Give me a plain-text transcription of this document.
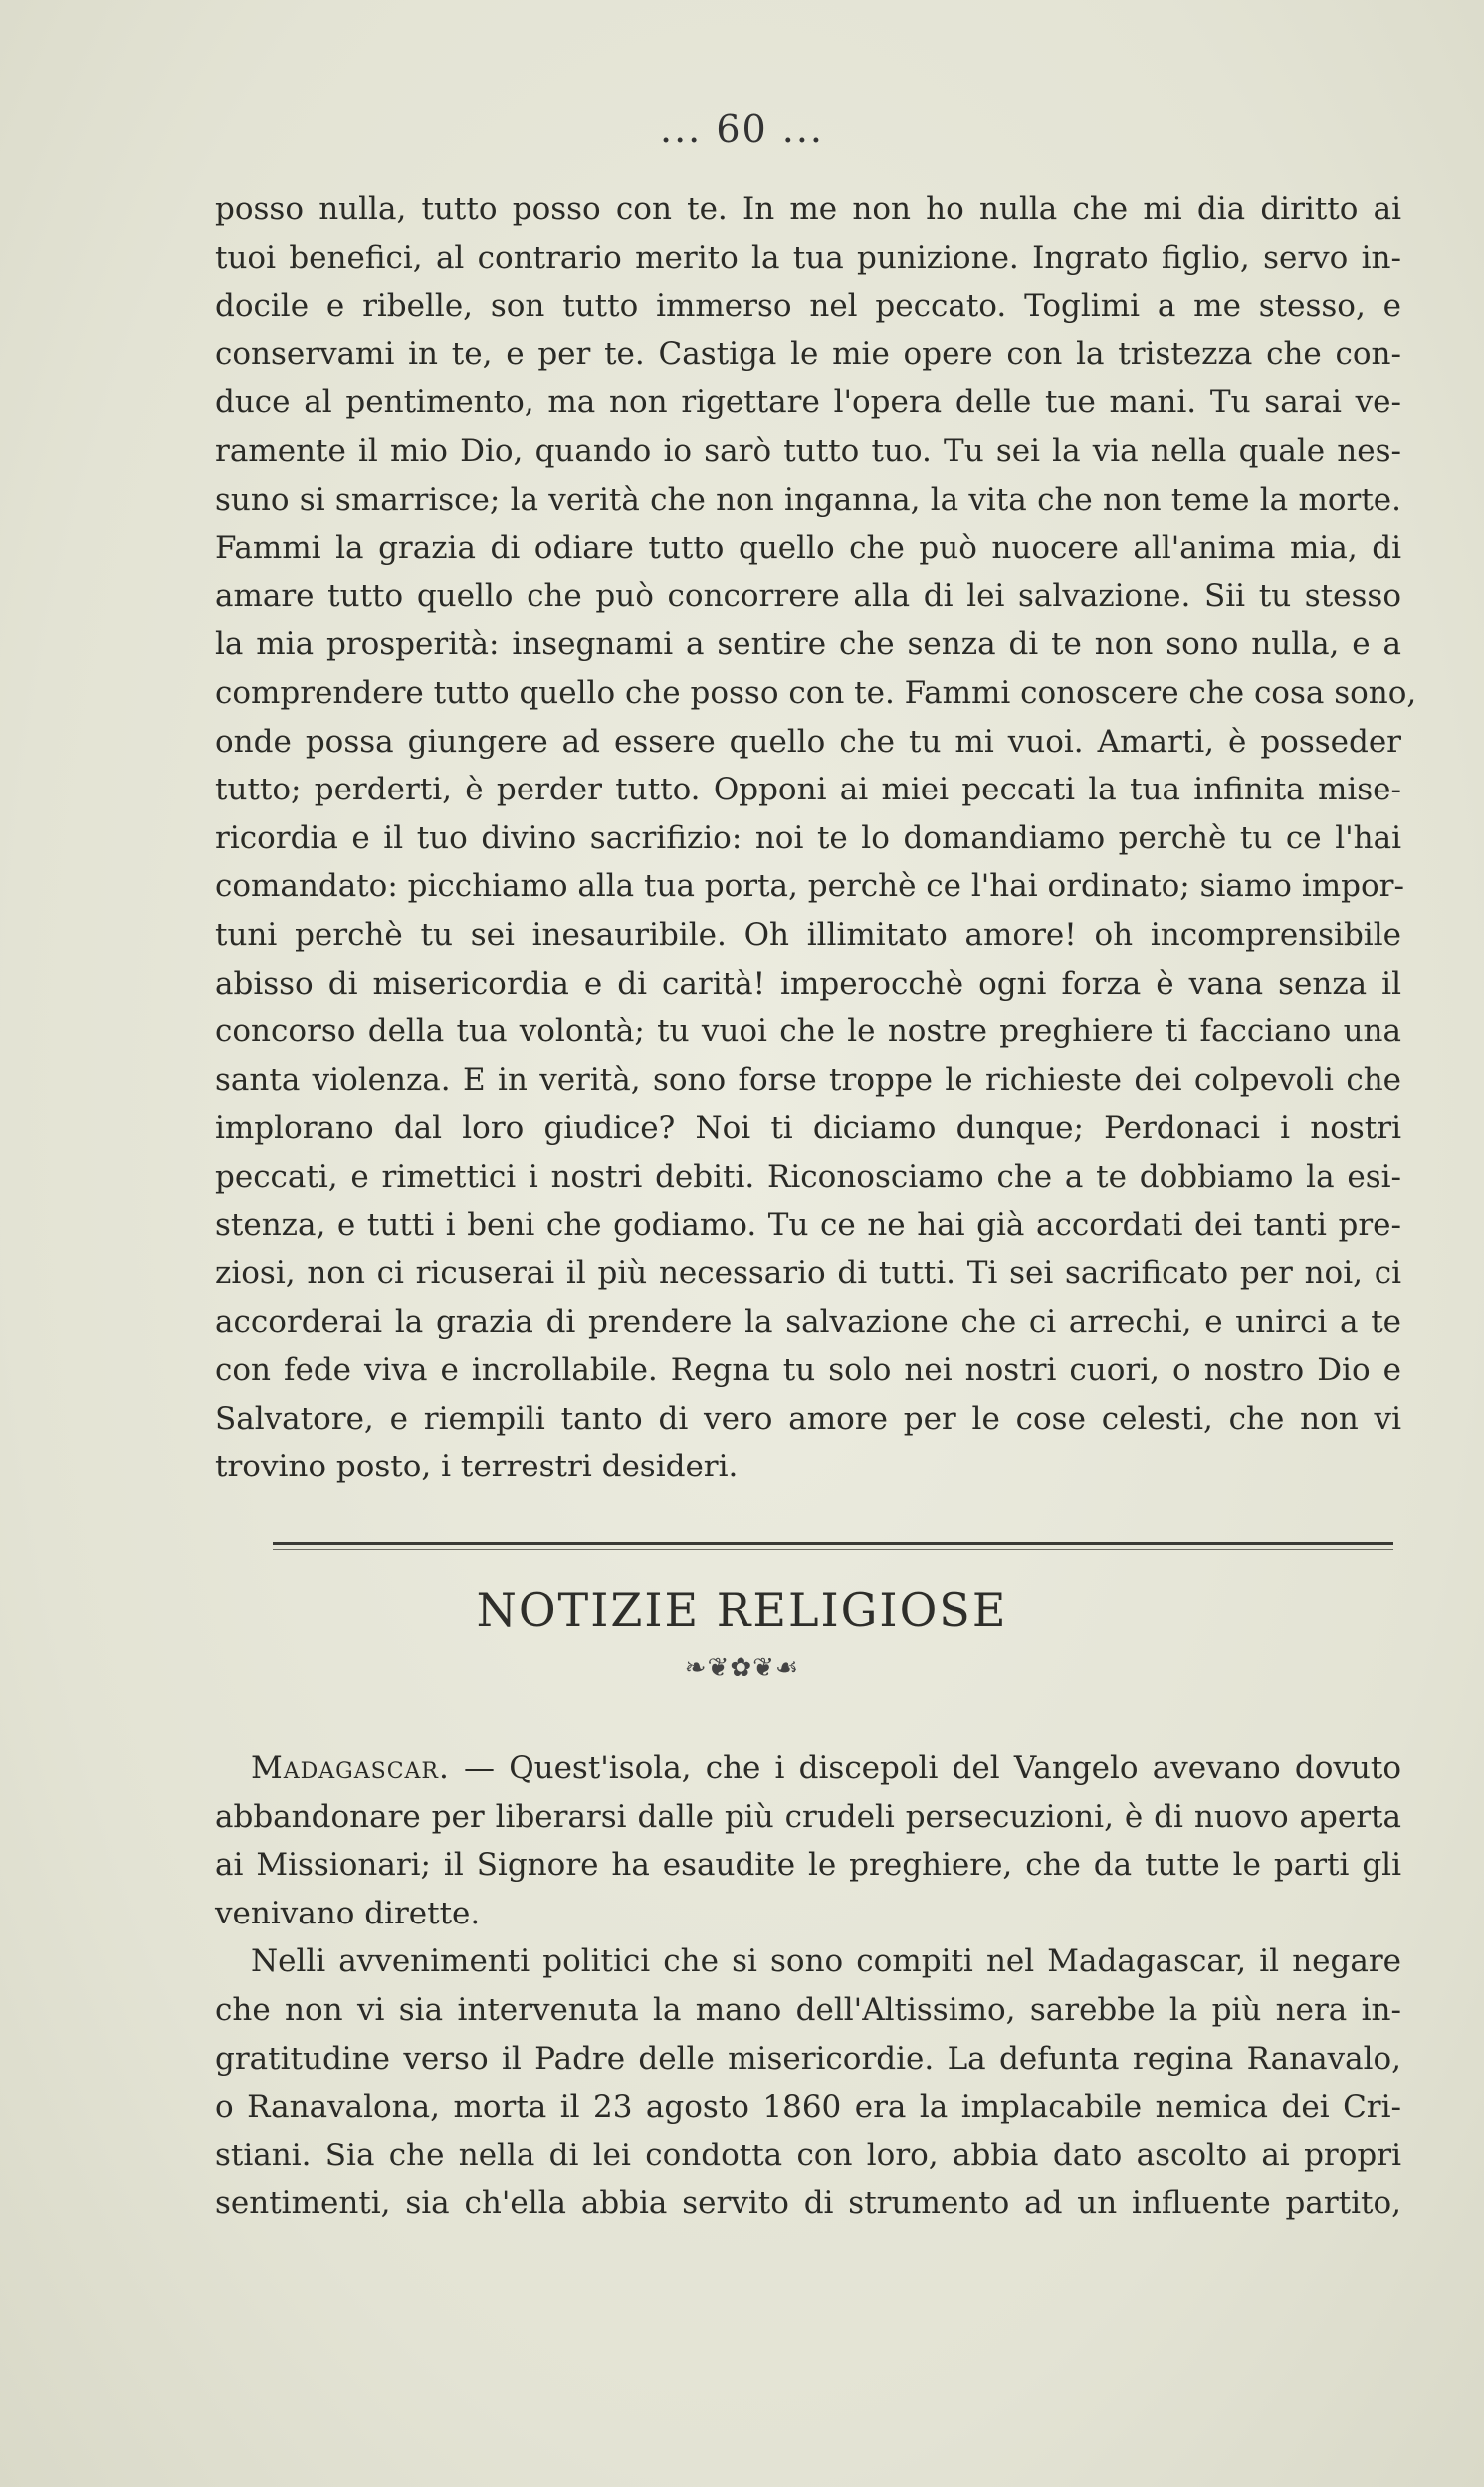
... 60 ...
posso nulla, tutto posso con te. In me non ho nulla che mi dia diritto ai
tuoi benefici, al contrario merito la tua punizione. Ingrato figlio, servo in-
docile e ribelle, son tutto immerso nel peccato. Toglimi a me stesso, e
conservami in te, e per te. Castiga le mie opere con la tristezza che con-
duce al pentimento, ma non rigettare l'opera delle tue mani. Tu sarai ve-
ramente il mio Dio, quando io sarò tutto tuo. Tu sei la via nella quale nes-
suno si smarrisce; la verità che non inganna, la vita che non teme la morte.
Fammi la grazia di odiare tutto quello che può nuocere all'anima mia, di
amare tutto quello che può concorrere alla di lei salvazione. Sii tu stesso
la mia prosperità: insegnami a sentire che senza di te non sono nulla, e a
comprendere tutto quello che posso con te. Fammi conoscere che cosa sono,
onde possa giungere ad essere quello che tu mi vuoi. Amarti, è posseder
tutto; perderti, è perder tutto. Opponi ai miei peccati la tua infinita mise-
ricordia e il tuo divino sacrifizio: noi te lo domandiamo perchè tu ce l'hai
comandato: picchiamo alla tua porta, perchè ce l'hai ordinato; siamo impor-
tuni perchè tu sei inesauribile. Oh illimitato amore! oh incomprensibile
abisso di misericordia e di carità! imperocchè ogni forza è vana senza il
concorso della tua volontà; tu vuoi che le nostre preghiere ti facciano una
santa violenza. E in verità, sono forse troppe le richieste dei colpevoli che
implorano dal loro giudice? Noi ti diciamo dunque; Perdonaci i nostri
peccati, e rimettici i nostri debiti. Riconosciamo che a te dobbiamo la esi-
stenza, e tutti i beni che godiamo. Tu ce ne hai già accordati dei tanti pre-
ziosi, non ci ricuserai il più necessario di tutti. Ti sei sacrificato per noi, ci
accorderai la grazia di prendere la salvazione che ci arrechi, e unirci a te
con fede viva e incrollabile. Regna tu solo nei nostri cuori, o nostro Dio e
Salvatore, e riempili tanto di vero amore per le cose celesti, che non vi
trovino posto, i terrestri desideri.
NOTIZIE RELIGIOSE
❧❦✿❦☙
Madagascar. — Quest'isola, che i discepoli del Vangelo avevano dovuto
abbandonare per liberarsi dalle più crudeli persecuzioni, è di nuovo aperta
ai Missionari; il Signore ha esaudite le preghiere, che da tutte le parti gli
venivano dirette.
Nelli avvenimenti politici che si sono compiti nel Madagascar, il negare
che non vi sia intervenuta la mano dell'Altissimo, sarebbe la più nera in-
gratitudine verso il Padre delle misericordie. La defunta regina Ranavalo,
o Ranavalona, morta il 23 agosto 1860 era la implacabile nemica dei Cri-
stiani. Sia che nella di lei condotta con loro, abbia dato ascolto ai propri
sentimenti, sia ch'ella abbia servito di strumento ad un influente partito,
